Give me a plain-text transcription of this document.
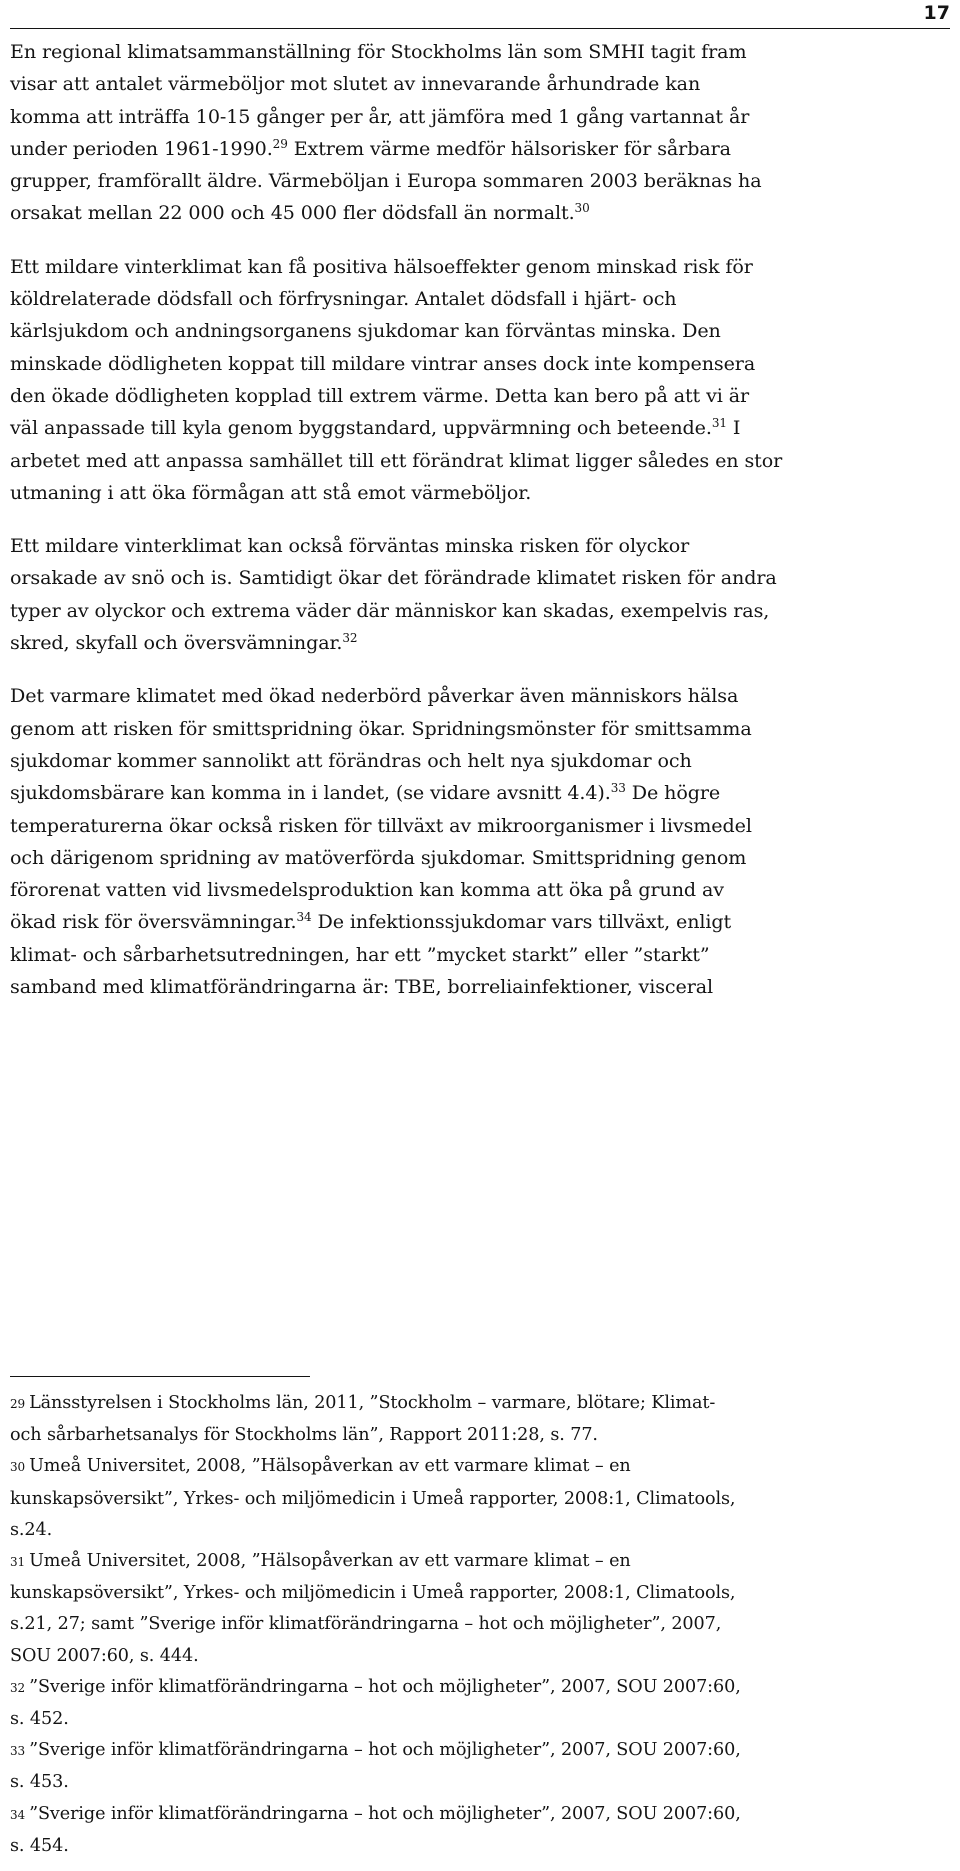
17

En regional klimatsammanställning för Stockholms län som SMHI tagit fram
visar att antalet värmeböljor mot slutet av innevarande århundrade kan
komma att inträffa 10-15 gånger per år, att jämföra med 1 gång vartannat år
under perioden 1961-1990.29 Extrem värme medför hälsorisker för sårbara
grupper, framförallt äldre. Värmeböljan i Europa sommaren 2003 beräknas ha
orsakat mellan 22 000 och 45 000 fler dödsfall än normalt.$^{30}$

Ett mildare vinterklimat kan få positiva hälsoeffekter genom minskad risk för
köldrelaterade dödsfall och förfrysningar. Antalet dödsfall i hjärt- och
kärlsjukdom och andningsorganens sjukdomar kan förväntas minska. Den
minskade dödligheten koppat till mildare vintrar anses dock inte kompensera
den ökade dödligheten kopplad till extrem värme. Detta kan bero på att vi är
väl anpassade till kyla genom byggstandard, uppvärmning och beteende.$^{31}$ I
arbetet med att anpassa samhället till ett förändrat klimat ligger således en stor
utmaning i att öka förmågan att stå emot värmeböljor.

Ett mildare vinterklimat kan också förväntas minska risken för olyckor
orsakade av snö och is. Samtidigt ökar det förändrade klimatet risken för andra
typer av olyckor och extrema väder där människor kan skadas, exempelvis ras,
skred, skyfall och översvämningar.$^{32}$

Det varmare klimatet med ökad nederbörd påverkar även människors hälsa
genom att risken för smittspridning ökar. Spridningsmönster för smittsamma
sjukdomar kommer sannolikt att förändras och helt nya sjukdomar och
sjukdomsbärare kan komma in i landet, (se vidare avsnitt 4.4).$^{33}$ De högre
temperaturerna ökar också risken för tillväxt av mikroorganismer i livsmedel
och därigenom spridning av matöverförda sjukdomar. Smittspridning genom
förorenat vatten vid livsmedelsproduktion kan komma att öka på grund av
ökad risk för översvämningar.$^{34}$ De infektionssjukdomar vars tillväxt, enligt
klimat- och sårbarhetsutredningen, har ett ”mycket starkt” eller ”starkt”
samband med klimatförändringarna är: TBE, borreliainfektioner, visceral

29 Länsstyrelsen i Stockholms län, 2011, ”Stockholm – varmare, blötare; Klimat-
och sårbarhetsanalys för Stockholms län”, Rapport 2011:28, s. 77.

30 Umeå Universitet, 2008, ”Hälsopåverkan av ett varmare klimat – en
kunskapsöversikt”, Yrkes- och miljömedicin i Umeå rapporter, 2008:1, Climatools,
s.24.

31 Umeå Universitet, 2008, ”Hälsopåverkan av ett varmare klimat – en
kunskapsöversikt”, Yrkes- och miljömedicin i Umeå rapporter, 2008:1, Climatools,
s.21, 27; samt ”Sverige inför klimatförändringarna – hot och möjligheter”, 2007,
SOU 2007:60, s. 444.

32 ”Sverige inför klimatförändringarna – hot och möjligheter”, 2007, SOU 2007:60,
s. 452.

33 ”Sverige inför klimatförändringarna – hot och möjligheter”, 2007, SOU 2007:60,
s. 453.

34 ”Sverige inför klimatförändringarna – hot och möjligheter”, 2007, SOU 2007:60,
s. 454.
